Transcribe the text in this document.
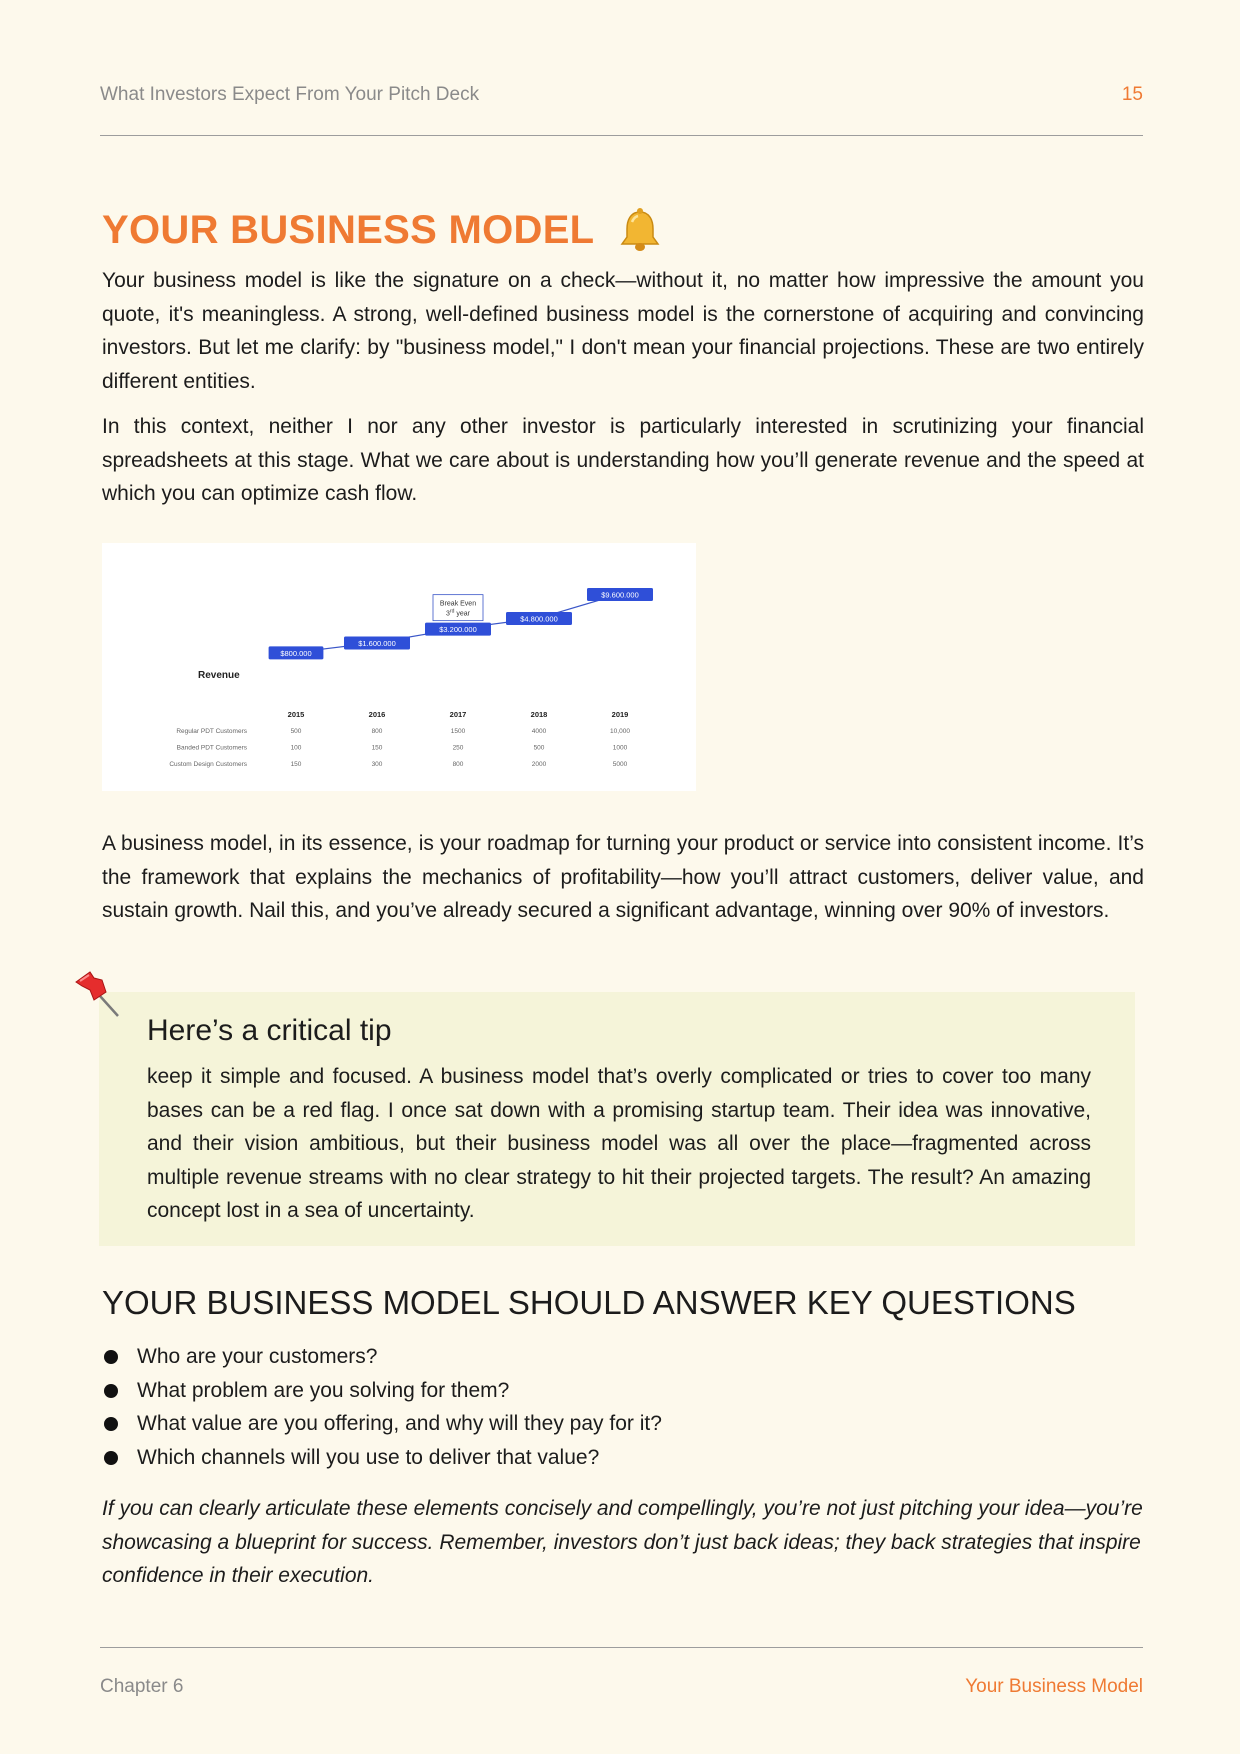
What Investors Expect From Your Pitch Deck	15
YOUR BUSINESS MODEL

Your business model is like the signature on a check—without it, no matter how impressive the amount you quote, it's meaningless. A strong, well-defined business model is the cornerstone of acquiring and convincing investors. But let me clarify: by "business model," I don't mean your financial projections. These are two entirely different entities.

In this context, neither I nor any other investor is particularly interested in scrutinizing your financial spreadsheets at this stage. What we care about is understanding how you’ll generate revenue and the speed at which you can optimize cash flow.

Revenue
$800.000
$1.600.000
$3.200.000
$4.800.000
$9.600.000
Break Even
3rd year
2015	2016	2017	2018	2019
Regular PDT Customers	500	800	1500	4000	10,000
Banded PDT Customers	100	150	250	500	1000
Custom Design Customers	150	300	800	2000	5000

A business model, in its essence, is your roadmap for turning your product or service into consistent income. It’s the framework that explains the mechanics of profitability—how you’ll attract customers, deliver value, and sustain growth. Nail this, and you’ve already secured a significant advantage, winning over 90% of investors.

Here’s a critical tip

keep it simple and focused. A business model that’s overly complicated or tries to cover too many bases can be a red flag. I once sat down with a promising startup team. Their idea was innovative, and their vision ambitious, but their business model was all over the place—fragmented across multiple revenue streams with no clear strategy to hit their projected targets. The result? An amazing concept lost in a sea of uncertainty.

YOUR BUSINESS MODEL SHOULD ANSWER KEY QUESTIONS
Who are your customers?
What problem are you solving for them?
What value are you offering, and why will they pay for it?
Which channels will you use to deliver that value?

If you can clearly articulate these elements concisely and compellingly, you’re not just pitching your idea—you’re showcasing a blueprint for success. Remember, investors don’t just back ideas; they back strategies that inspire confidence in their execution.

Chapter 6	Your Business Model
